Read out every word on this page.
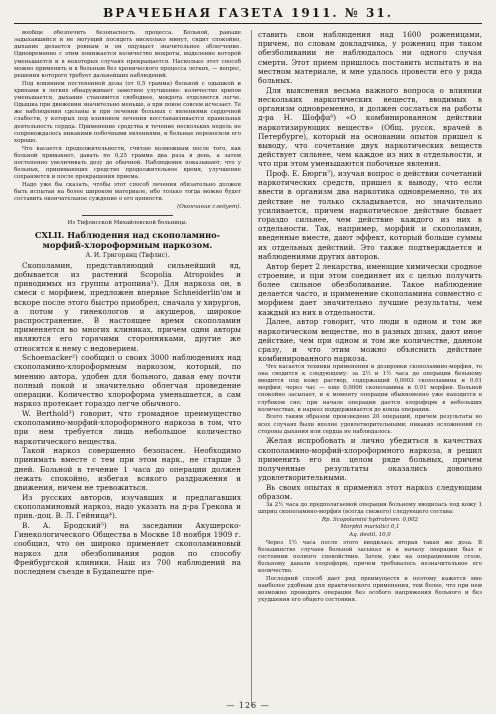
ВРАЧЕБНАЯ ГАЗЕТА 1911. № 31.

вообще обезпечить безопасность процесса. Больной, раньше задыхавшийся и не могущий посидеть нисколько минут, сидит спокойно, дыхание делается ровным и он ощущает значительное облегчение. Одновременно с этим понижается количество мокроты, выделение которой уменьшается и в некоторых случаях прекращается. Насколько этот способ можно применить и к больным без хронического процесса легких, — вопрос, решения которого требует дальнейших наблюдений.

Под влиянием постепенной дозы (от 0,5 грамма) больной с одышкой и хрипами в легких обнаруживает заметное улучшение: количество хрипов уменьшается, дыхание становится свободнее, мокрота отделяется легче. Одышка при движении значительно меньше, а при покое совсем исчезает. Те же наблюдения сделаны и при лечении больных с явлениями сердечной слабости, у которых под влиянием лечения восстанавливается правильная деятельность сердца. Применение средства в течение нескольких недель не сопровождалось никакими побочными явлениями, и больные переносили его хорошо.

Что касается продолжительности, считаю возможным после того, как больной привыкнет, давать по 0,25 грамма два раза в день, а затем постепенно увеличивать дозу до обычной. Наблюдения показывают, что у больных, принимающих средство продолжительное время, улучшение сохраняется и после прекращения приема.

Надо уже бы сказать, чтобы этот способ лечения обязательно должен быть испытан на более широком материале, ибо только тогда можно будет составить окончательное суждение о его ценности.

(Окончание следует).

Из Тифлисской Михайловской больницы.

CXLII. Наблюдения над скополамино-морфий-хлороформным наркозом.
А. И. Григорянц (Тифлис).

Скополамин, представляющий сильнейший яд, добывается из растений Scopolia Atropoides и приводимых из группы атропина¹). Для наркоза он, в смеси с морфием, предложен впервые Schneiderlin'ом и вскоре после этого быстро приобрел, сначала у хирургов, а потом у гинекологов и акушеров, широкое распространение. В настоящее время скополамин применяется во многих клиниках, причем одни авторы являются его горячими сторонниками, другие же относятся к нему с недоверием.

Schoemacker²) сообщил о своих 3000 наблюдениях над скополамино-хлороформным наркозом, который, по мнению автора, удобен для больного, давая ему почти полный покой и значительно облегчая проведение операции. Количество хлороформа уменьшается, а сам наркоз протекает гораздо легче обычного.

W. Berthold³) говорит, что громадное преимущество скополамино-морфий-хлороформного наркоза в том, что при нем требуется лишь небольшое количество наркотического вещества.

Такой наркоз совершенно безопасен. Необходимо принимать вместе с тем при этом нарк., не старше 3 дней. Больной в течение 1 часа до операции должен лежать спокойно, избегая всякого раздражения и движения, ничем не тревожиться.

Из русских авторов, изучавших и предлагавших скополаминовый наркоз, надо указать на д-ра Грекова и прив.-доц. В. Л. Гейница⁴).

В. А. Бродский⁵) на заседании Акушерско-Гинекологического Общества в Москве 18 ноября 1909 г. сообщил, что он широко применяет скополаминовый наркоз для обезболивания родов по способу Фрейбургской клиники. Наш из 700 наблюдений на последнем съезде в Будапеште пре-

ставить свои наблюдения над 1600 роженицами, причем, по словам докладчика, у рожениц при таком обезболивании не наблюдалось ни одного случая смерти. Этот прием пришлось поставить испытать и на местном материале, и мне удалось провести его у ряда больных.

Для выяснения весьма важного вопроса о влиянии нескольких наркотических веществ, вводимых в организм одновременно, я должен сослаться на работы д-ра Н. Шоффа⁶) «О комбинированном действии наркотизирующих веществ» (Общ. русск. врачей в Петербурге), который на основании опытов пришел к выводу, что сочетание двух наркотических веществ действует сильнее, чем каждое из них в отдельности, и что при этом уменьшаются побочные явления.

Проф. Е. Бюрги⁷), изучая вопрос о действии сочетаний наркотических средств, пришел к выводу, что если ввести в организм два наркотика одновременно, то их действие не только складывается, но значительно усиливается, причем наркотическое действие бывает гораздо сильнее, чем действие каждого из них в отдельности. Так, например, морфий и скополамин, введенные вместе, дают эффект, который больше суммы их отдельных действий. Это также подтверждается и наблюдениями других авторов.

Автор берет 2 лекарства, имеющие химически сродное строение, и при этом соединяет их с целью получить более сильное обезболивание. Такое наблюдение делается часто, и применение скополамина совместно с морфием дает значительно лучшие результаты, чем каждый из них в отдельности.

Далее, автор говорит, что люди в одном и том же наркотическом веществе, но в разных дозах, дают иное действие, чем при одном и том же количестве, данном сразу, и что этим можно объяснить действие комбинированного наркоза.

Что касается техники применения и дозировки скополамино-морфия, то она сводится к следующему: за 2½ и 1½ часа до операции больному вводится под кожу раствор, содержащий 0,0003 скополамина и 0,01 морфия; через час — еще 0,0006 скополамина и 0,01 морфия. Больной спокойно засыпает, и к моменту операции обыкновенно уже находится в глубоком сне; при начале операции дается хлороформ в небольших количествах, и наркоз поддерживается до конца операции.

Всего таким образом произведено 20 операций, причем результаты во всех случаях были вполне удовлетворительными; никаких осложнений со стороны дыхания или сердца не наблюдалось.

Желая испробовать и лично убедиться в качествах скополамино-морфий-хлороформного наркоза, я решил применить его на целом ряде больных, причем полученные результаты оказались довольно удовлетворительными.

Вь своих опытах я применял этот наркоз следующим образом.

За 2½ часа до предполагаемой операции больному вводилась под кожу 1 шприц скополамино-морфия (всегда свежего) следующего состава:

Rp. Scopolamini hydrobrom. 0,002

Morphii muriatici 0,1

Aq. destil. 10,0

Через 1½ часа после этого вводилась вторая такая же доза. В большинстве случаев больной засыпал и к началу операции был в состоянии полного спокойствия. Затем, уже на операционном столе, больному давали хлороформ, причем требовалось незначительное его количество.

Последний способ дает ряд преимуществ и поэтому кажется мне наиболее удобным для практического применения, тем более, что при нем возможно проводить операции без особого напряжения больного и без ухудшения его общего состояния.

— 126 —
